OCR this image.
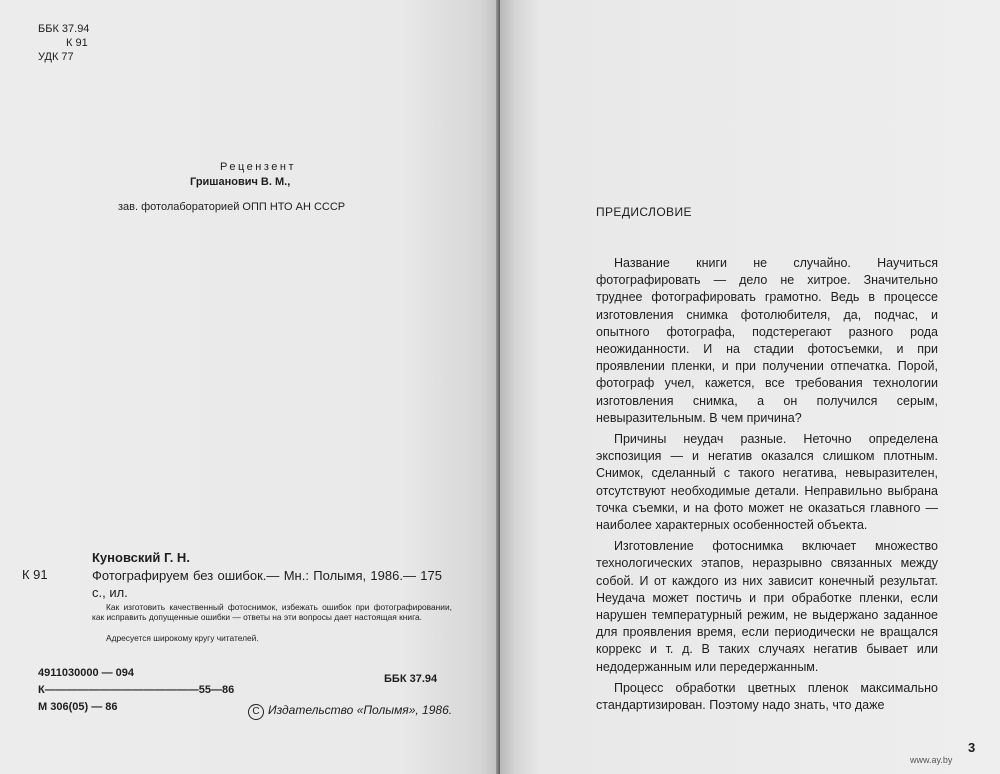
ББК 37.94
К 91
УДК 77
Рецензент
Гришанович В. М.,
зав. фотолабораторией ОПП НТО АН СССР
Куновский Г. Н.
К 91	Фотографируем без ошибок.— Мн.: Полымя, 1986.— 175 с., ил.
Как изготовить качественный фотоснимок, избежать ошибок при фотографировании, как исправить допущенные ошибки — ответы на эти вопросы дает настоящая книга.
Адресуется широкому кругу читателей.
4911030000 — 094
К——————————————55—86
М 306(05) — 86
ББК 37.94
C Издательство «Полымя», 1986.
ПРЕДИСЛОВИЕ

Название книги не случайно. Научиться фотографировать — дело не хитрое. Значительно труднее фотографировать грамотно. Ведь в процессе изготовления снимка фотолюбителя, да, подчас, и опытного фотографа, подстерегают разного рода неожиданности. И на стадии фотосъемки, и при проявлении пленки, и при получении отпечатка. Порой, фотограф учел, кажется, все требования технологии изготовления снимка, а он получился серым, невыразительным. В чем причина?

Причины неудач разные. Неточно определена экспозиция — и негатив оказался слишком плотным. Снимок, сделанный с такого негатива, невыразителен, отсутствуют необходимые детали. Неправильно выбрана точка съемки, и на фото может не оказаться главного — наиболее характерных особенностей объекта.

Изготовление фотоснимка включает множество технологических этапов, неразрывно связанных между собой. И от каждого из них зависит конечный результат. Неудача может постичь и при обработке пленки, если нарушен температурный режим, не выдержано заданное для проявления время, если периодически не вращался коррекс и т. д. В таких случаях негатив бывает или недодержанным или передержанным.

Процесс обработки цветных пленок максимально стандартизирован. Поэтому надо знать, что даже

3
www.ay.by
